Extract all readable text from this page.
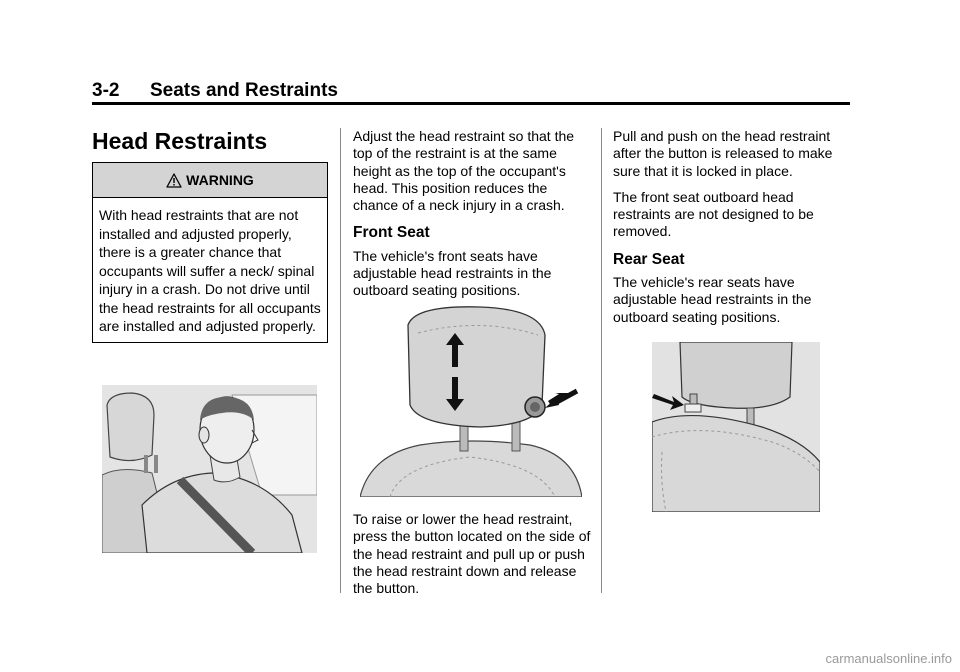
3-2 Seats and Restraints
Head Restraints
WARNING
With head restraints that are not installed and adjusted properly, there is a greater chance that occupants will suffer a neck/ spinal injury in a crash. Do not drive until the head restraints for all occupants are installed and adjusted properly.

Adjust the head restraint so that the top of the restraint is at the same height as the top of the occupant's head. This position reduces the chance of a neck injury in a crash.

Front Seat

The vehicle's front seats have adjustable head restraints in the outboard seating positions.

To raise or lower the head restraint, press the button located on the side of the head restraint and pull up or push the head restraint down and release the button.

Pull and push on the head restraint after the button is released to make sure that it is locked in place.

The front seat outboard head restraints are not designed to be removed.

Rear Seat

The vehicle's rear seats have adjustable head restraints in the outboard seating positions.

carmanualsonline.info
